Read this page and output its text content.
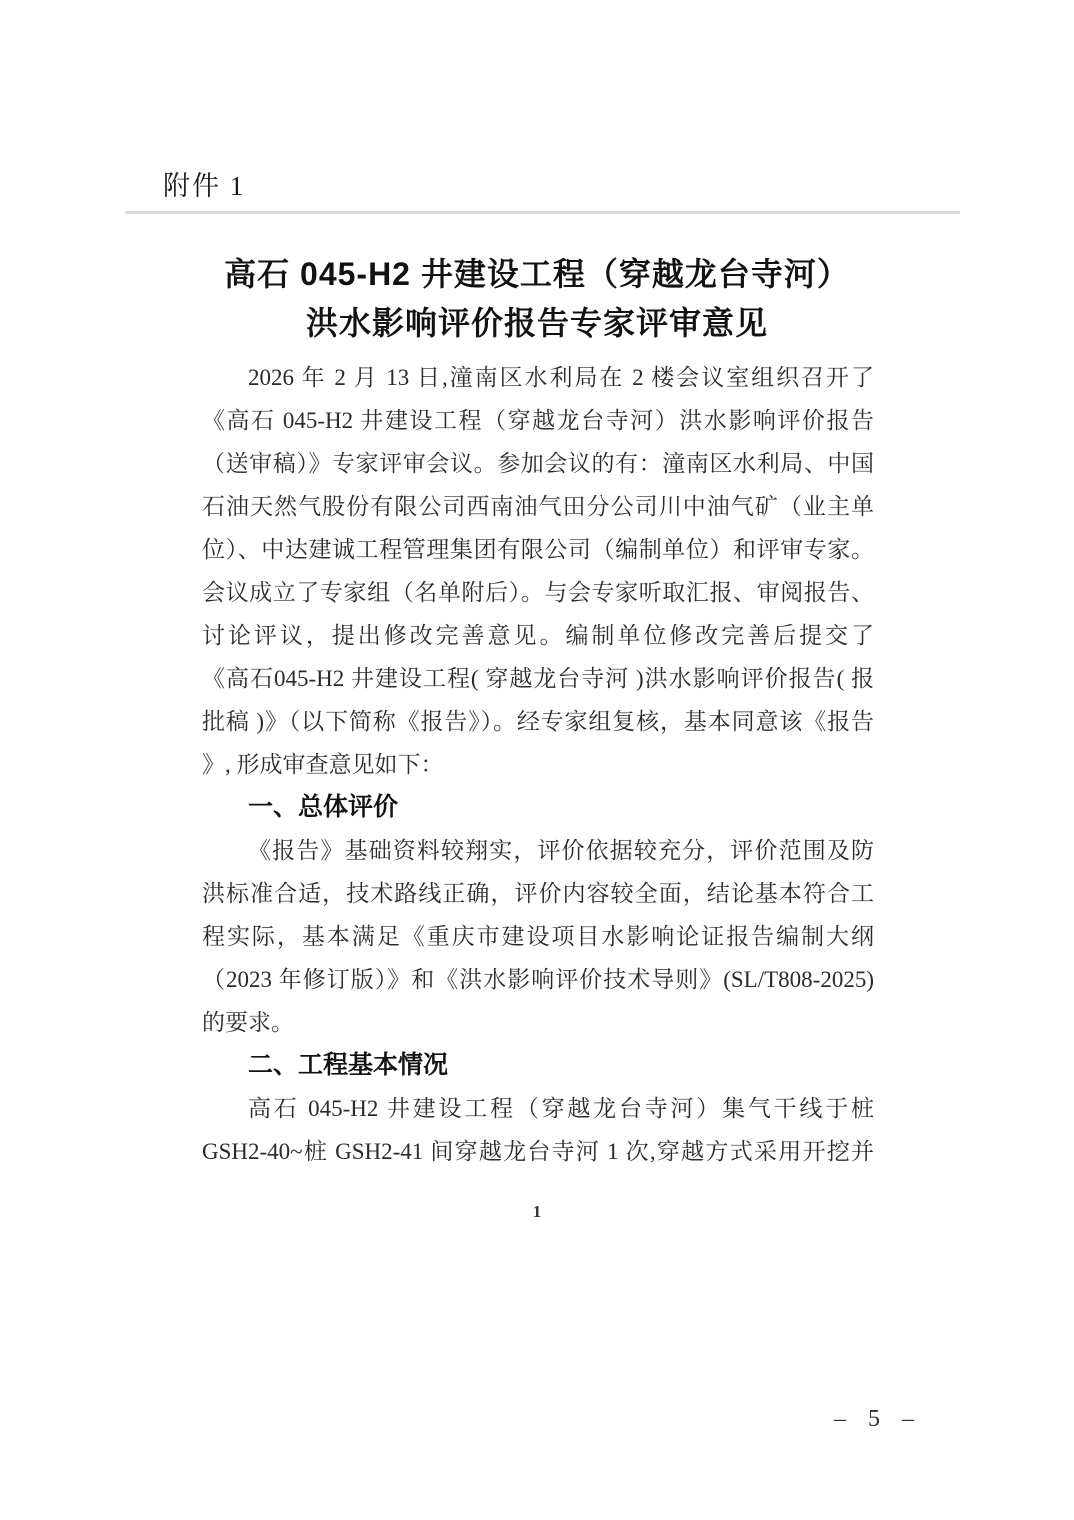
附件 1
高石 045-H2 井建设工程（穿越龙台寺河）
洪水影响评价报告专家评审意见
2026 年 2 月 13 日,潼南区水利局在 2 楼会议室组织召开了
《高石 045-H2 井建设工程（穿越龙台寺河）洪水影响评价报告
（送审稿）》专家评审会议。参加会议的有：潼南区水利局、中国
石油天然气股份有限公司西南油气田分公司川中油气矿（业主单
位）、中达建诚工程管理集团有限公司（编制单位）和评审专家。
会议成立了专家组（名单附后）。与会专家听取汇报、审阅报告、
讨论评议，提出修改完善意见。编制单位修改完善后提交了
《高石045-H2 井建设工程( 穿越龙台寺河 )洪水影响评价报告( 报
批稿 )》（以下简称《报告》）。经专家组复核，基本同意该《报告
》, 形成审查意见如下：
一、总体评价
《报告》基础资料较翔实，评价依据较充分，评价范围及防
洪标准合适，技术路线正确，评价内容较全面，结论基本符合工
程实际，基本满足《重庆市建设项目水影响论证报告编制大纲
（2023 年修订版）》和《洪水影响评价技术导则》(SL/T808-2025)
的要求。
二、工程基本情况
高石 045-H2 井建设工程（穿越龙台寺河）集气干线于桩
GSH2-40~桩 GSH2-41 间穿越龙台寺河 1 次,穿越方式采用开挖并
1
– 5 –
